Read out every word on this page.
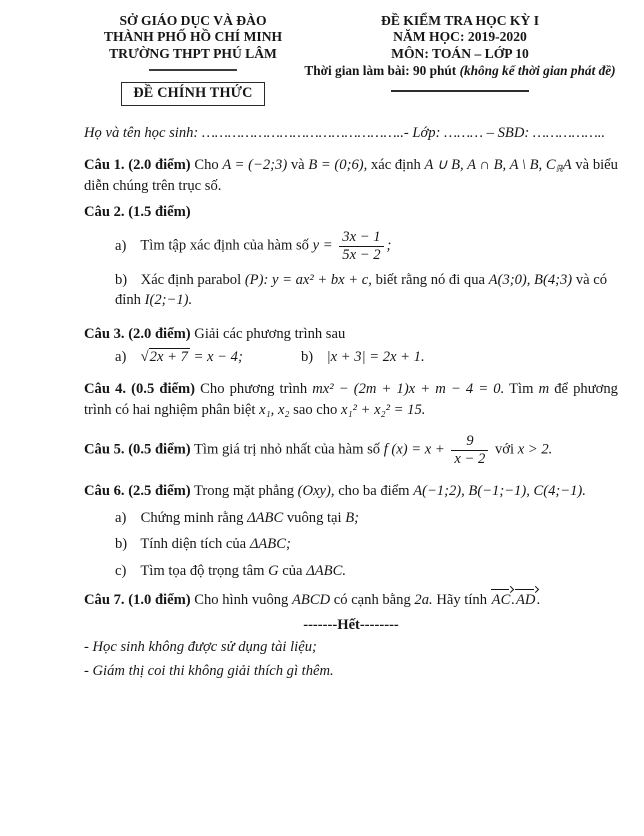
SỞ GIÁO DỤC VÀ ĐÀO
THÀNH PHỐ HỒ CHÍ MINH
TRƯỜNG THPT PHÚ LÂM
ĐỀ CHÍNH THỨC
ĐỀ KIỂM TRA HỌC KỲ I
NĂM HỌC: 2019-2020
MÔN: TOÁN – LỚP 10
Thời gian làm bài: 90 phút (không kể thời gian phát đề)
Họ và tên học sinh: ………………………………………..- Lớp: ……… – SBD: ……………..

Câu 1. (2.0 điểm) Cho A = (−2;3) và B = (0;6), xác định A ∪ B, A ∩ B, A \ B, $C_ℝA$ và biểu diễn chúng trên trục số.

Câu 2. (1.5 điểm)

a) Tìm tập xác định của hàm số $y = \frac{3x - 1}{5x - 2}$ ;
b) Xác định parabol (P): y = ax² + bx + c, biết rằng nó đi qua A(3;0), B(4;3) và có đỉnh I(2;−1).

Câu 3. (2.0 điểm) Giải các phương trình sau

a) √2x + 7 = x − 4;	b) |x + 3| = 2x + 1.

Câu 4. (0.5 điểm) Cho phương trình mx² − (2m + 1)x + m − 4 = 0. Tìm m để phương trình có hai nghiệm phân biệt x₁, x₂ sao cho x₁² + x₂² = 15.

Câu 5. (0.5 điểm) Tìm giá trị nhỏ nhất của hàm số f $(x) = x + \frac{9}{x - 2}$ với x > 2.

Câu 6. (2.5 điểm) Trong mặt phẳng (Oxy), cho ba điểm A(−1;2), B(−1;−1), C(4;−1).

a) Chứng minh rằng ΔABC vuông tại B;
b) Tính diện tích của ΔABC;
c) Tìm tọa độ trọng tâm G của ΔABC.

Câu 7. (1.0 điểm) Cho hình vuông ABCD có cạnh bằng 2a. Hãy tính AC.AD.

-------Hết--------

- Học sinh không được sử dụng tài liệu;
- Giám thị coi thi không giải thích gì thêm.
